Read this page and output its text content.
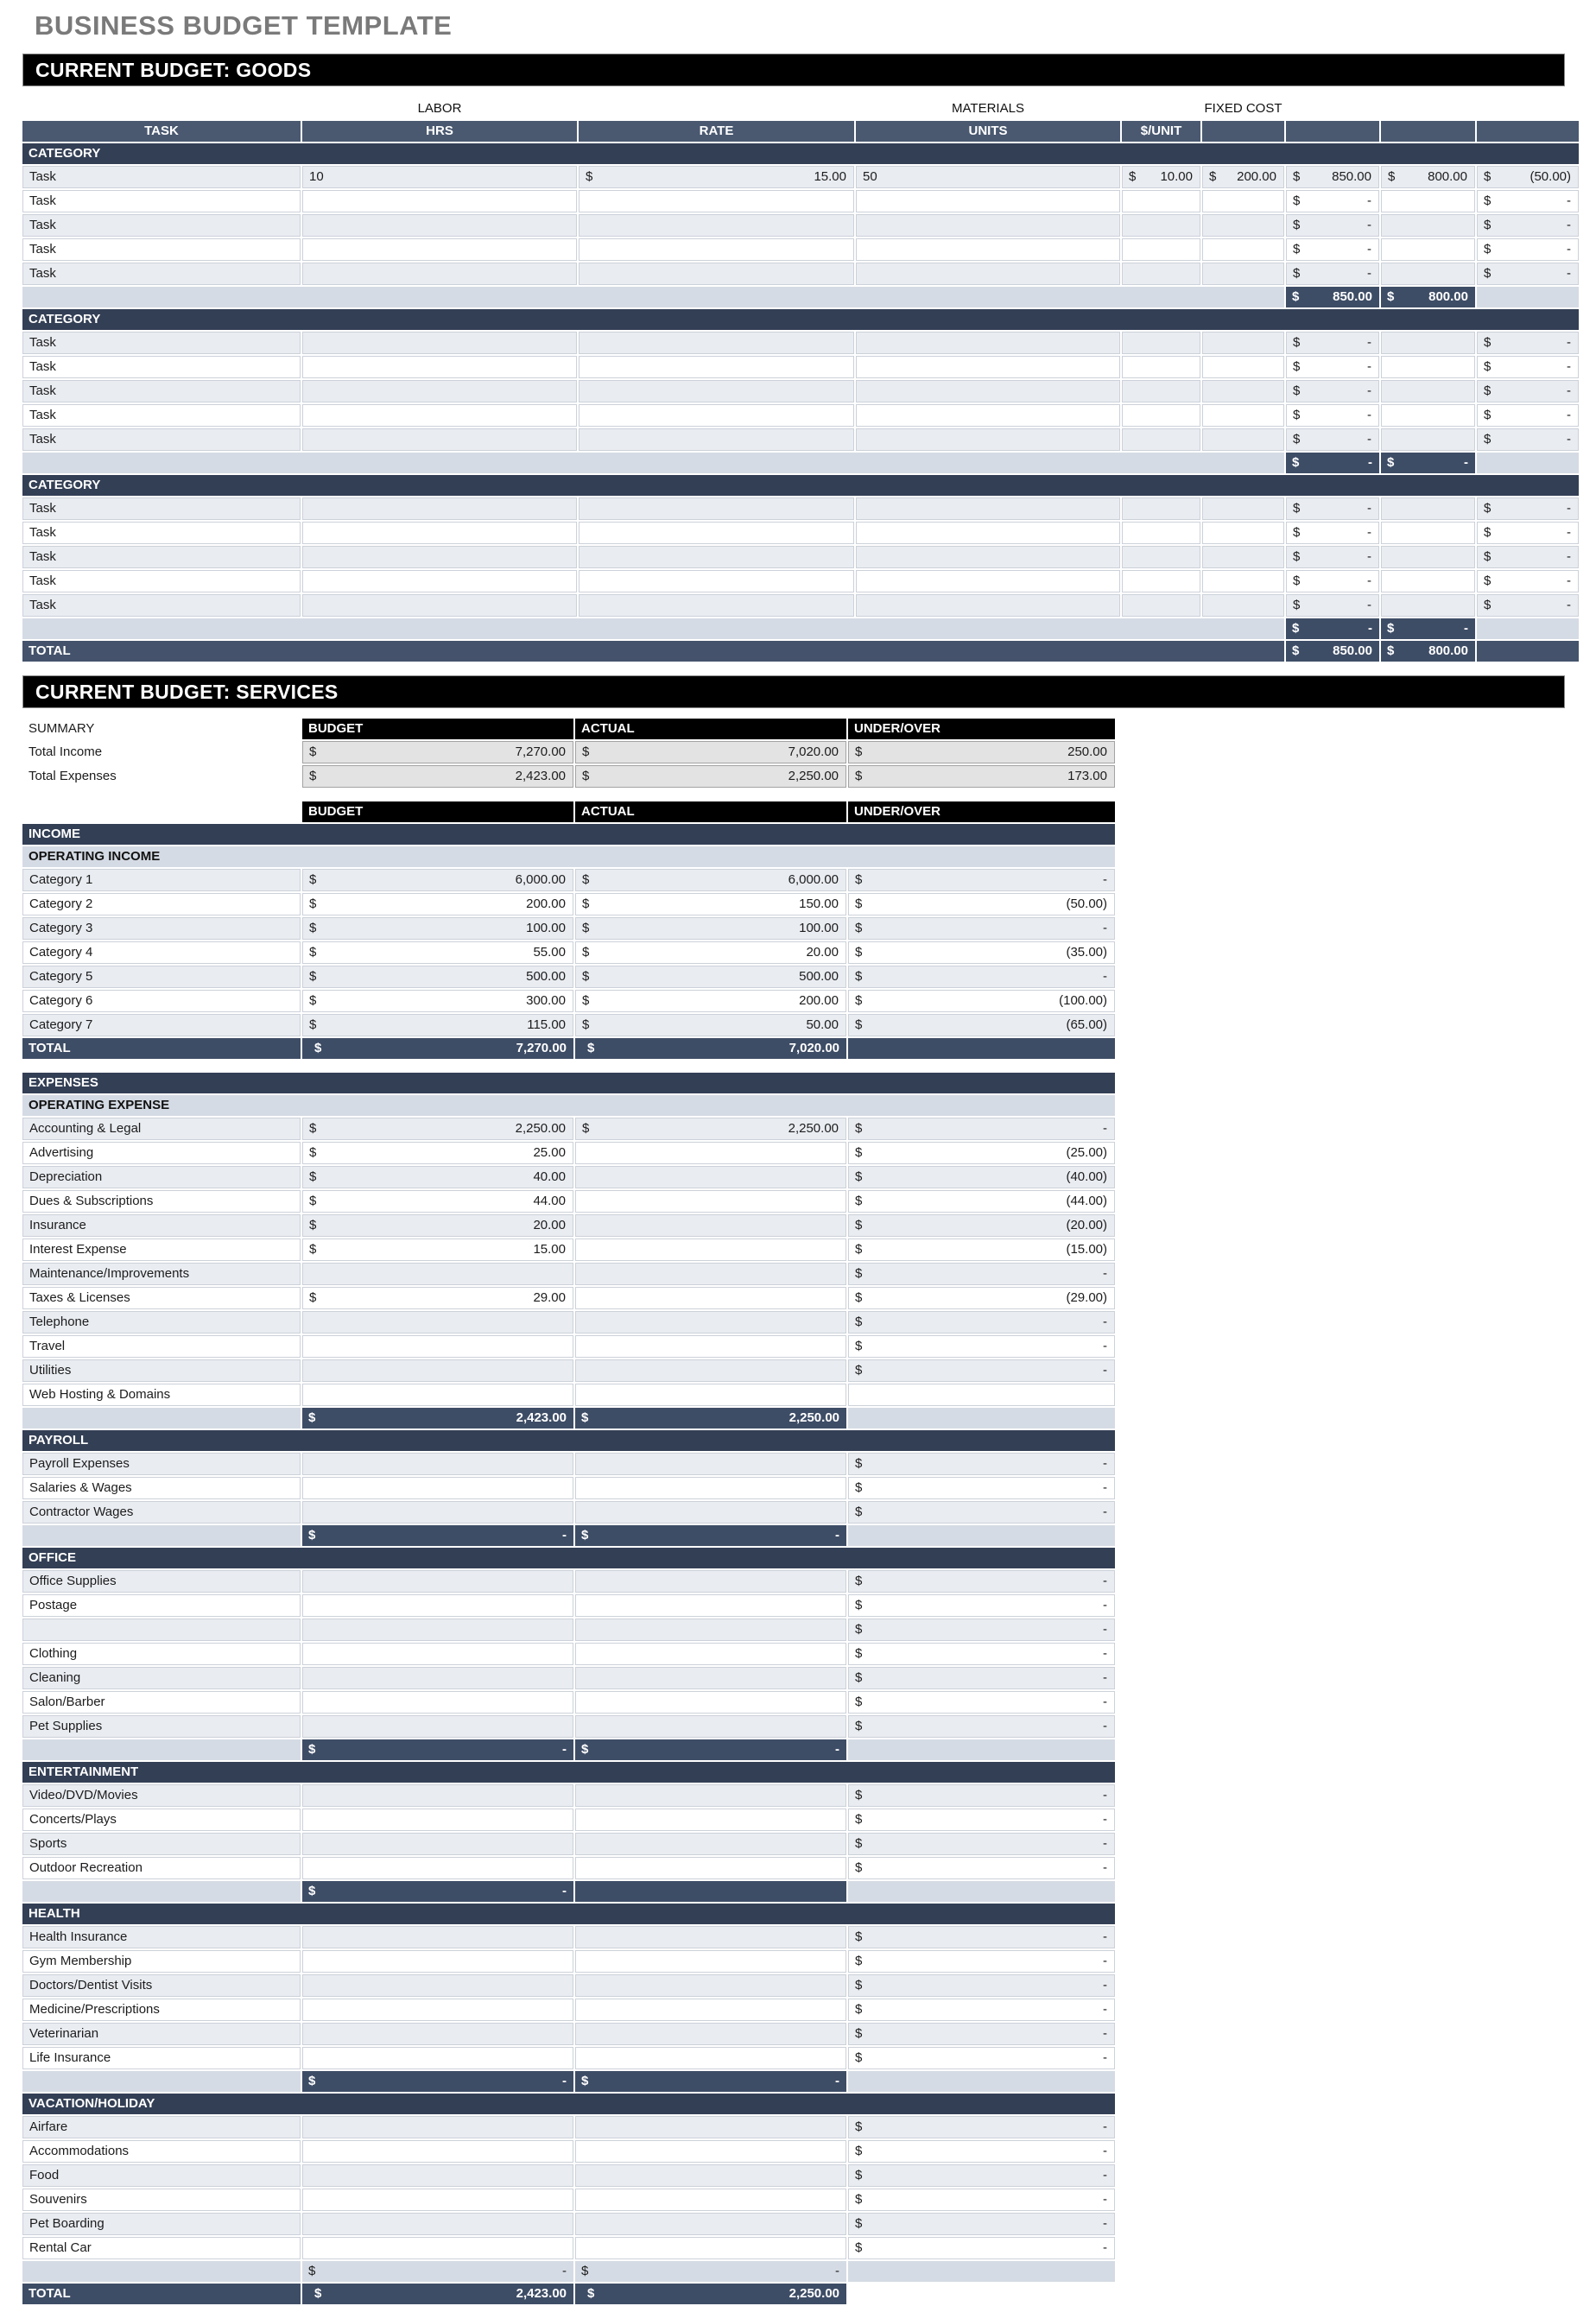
BUSINESS BUDGET TEMPLATE
CURRENT BUDGET: GOODS
	LABOR		MATERIALS		FIXED COST	BUDGET	ACTUAL	UNDER/OVER
TASK	HRS	RATE	UNITS	$/UNIT				
CATEGORY								
Task	10	$ 15.00	50	$ 10.00	$ 200.00	$ 850.00	$ 800.00	$ (50.00)

Task						$ -		$ -

Task						$ -		$ -

Task						$ -		$ -

Task						$ -		$ -

						$ 850.00	$ 800.00	

CATEGORY								
Task						$ -		$ -

Task						$ -		$ -

Task						$ -		$ -

Task						$ -		$ -

Task						$ -		$ -

						$ -	$ -	

CATEGORY								
Task						$ -		$ -

Task						$ -		$ -

Task						$ -		$ -

Task						$ -		$ -

Task						$ -		$ -

						$ -	$ -	

TOTAL						$ 850.00	$ 800.00	

CURRENT BUDGET: SERVICES
SUMMARY	BUDGET	ACTUAL	UNDER/OVER
Total Income	$ 7,270.00	$ 7,020.00	$ 250.00

Total Expenses	$ 2,423.00	$ 2,250.00	$ 173.00
	BUDGET	ACTUAL	UNDER/OVER
INCOME			
OPERATING INCOME			
Category 1	$ 6,000.00	$ 6,000.00	$ -

Category 2	$ 200.00	$ 150.00	$ (50.00)

Category 3	$ 100.00	$ 100.00	$ -

Category 4	$ 55.00	$ 20.00	$ (35.00)

Category 5	$ 500.00	$ 500.00	$ -

Category 6	$ 300.00	$ 200.00	$ (100.00)

Category 7	$ 115.00	$ 50.00	$ (65.00)

TOTAL	$ 7,270.00	$ 7,020.00	

EXPENSES			
OPERATING EXPENSE			
Accounting & Legal	$ 2,250.00	$ 2,250.00	$ -

Advertising	$ 25.00		$ (25.00)

Depreciation	$ 40.00		$ (40.00)

Dues & Subscriptions	$ 44.00		$ (44.00)

Insurance	$ 20.00		$ (20.00)

Interest Expense	$ 15.00		$ (15.00)

Maintenance/Improvements			$ -

Taxes & Licenses	$ 29.00		$ (29.00)

Telephone			$ -

Travel			$ -

Utilities			$ -

Web Hosting & Domains			

	$ 2,423.00	$ 2,250.00	

PAYROLL			
Payroll Expenses			$ -

Salaries & Wages			$ -

Contractor Wages			$ -

	$ -	$ -	

OFFICE			
Office Supplies			$ -

Postage			$ -

			$ -

Clothing			$ -

Cleaning			$ -

Salon/Barber			$ -

Pet Supplies			$ -

	$ -	$ -	

ENTERTAINMENT			
Video/DVD/Movies			$ -

Concerts/Plays			$ -

Sports			$ -

Outdoor Recreation			$ -

	$ -		

HEALTH			
Health Insurance			$ -

Gym Membership			$ -

Doctors/Dentist Visits			$ -

Medicine/Prescriptions			$ -

Veterinarian			$ -

Life Insurance			$ -

	$ -	$ -	

VACATION/HOLIDAY			
Airfare			$ -

Accommodations			$ -

Food			$ -

Souvenirs			$ -

Pet Boarding			$ -

Rental Car			$ -

	$ -	$ -	

TOTAL	$ 2,423.00	$ 2,250.00	
